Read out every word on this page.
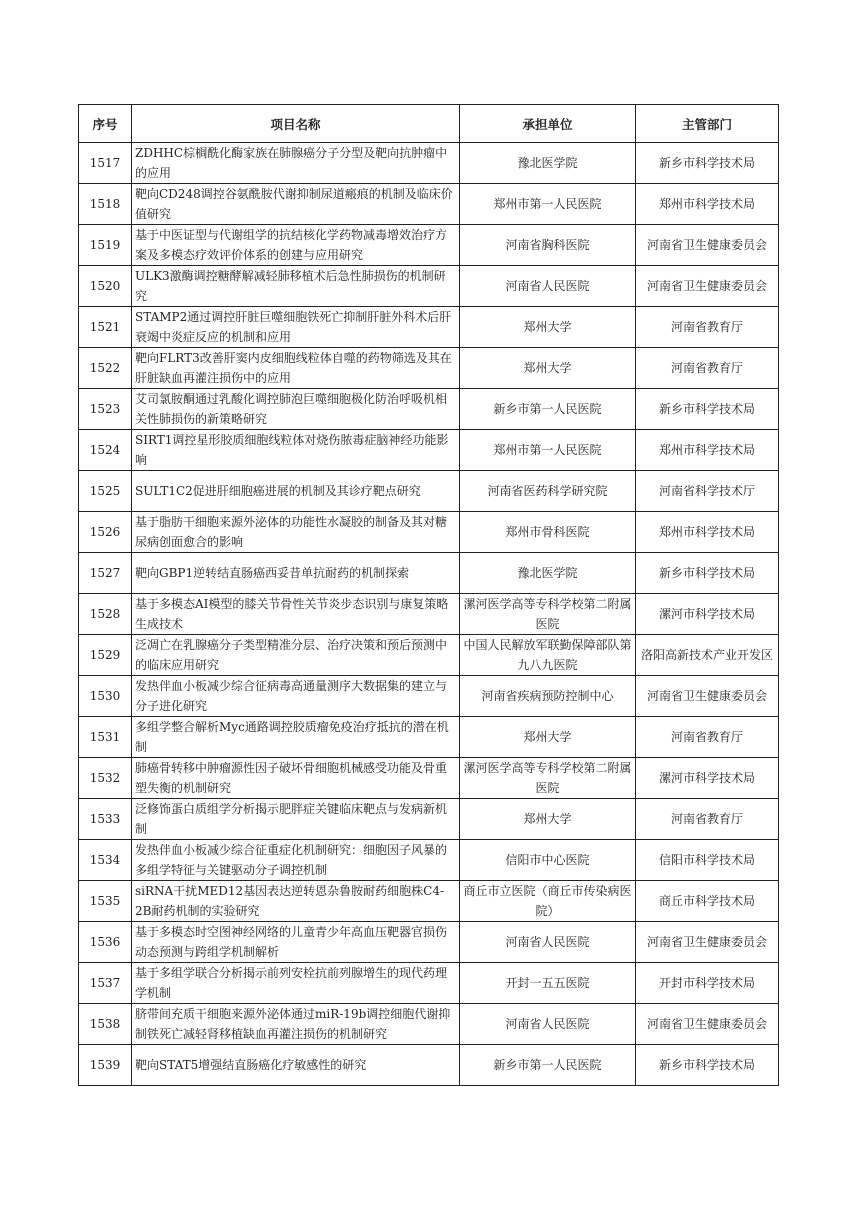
序号	项目名称	承担单位	主管部门
1517	ZDHHC棕榈酰化酶家族在肺腺癌分子分型及靶向抗肿瘤中的应用	豫北医学院	新乡市科学技术局
1518	靶向CD248调控谷氨酰胺代谢抑制尿道瘢痕的机制及临床价值研究	郑州市第一人民医院	郑州市科学技术局
1519	基于中医证型与代谢组学的抗结核化学药物减毒增效治疗方案及多模态疗效评价体系的创建与应用研究	河南省胸科医院	河南省卫生健康委员会
1520	ULK3激酶调控糖酵解减轻肺移植术后急性肺损伤的机制研究	河南省人民医院	河南省卫生健康委员会
1521	STAMP2通过调控肝脏巨噬细胞铁死亡抑制肝脏外科术后肝衰竭中炎症反应的机制和应用	郑州大学	河南省教育厅
1522	靶向FLRT3改善肝窦内皮细胞线粒体自噬的药物筛选及其在肝脏缺血再灌注损伤中的应用	郑州大学	河南省教育厅
1523	艾司氯胺酮通过乳酸化调控肺泡巨噬细胞极化防治呼吸机相关性肺损伤的新策略研究	新乡市第一人民医院	新乡市科学技术局
1524	SIRT1调控星形胶质细胞线粒体对烧伤脓毒症脑神经功能影响	郑州市第一人民医院	郑州市科学技术局
1525	SULT1C2促进肝细胞癌进展的机制及其诊疗靶点研究	河南省医药科学研究院	河南省科学技术厅
1526	基于脂肪干细胞来源外泌体的功能性水凝胶的制备及其对糖尿病创面愈合的影响	郑州市骨科医院	郑州市科学技术局
1527	靶向GBP1逆转结直肠癌西妥昔单抗耐药的机制探索	豫北医学院	新乡市科学技术局
1528	基于多模态AI模型的膝关节骨性关节炎步态识别与康复策略生成技术	漯河医学高等专科学校第二附属医院	漯河市科学技术局
1529	泛凋亡在乳腺癌分子类型精准分层、治疗决策和预后预测中的临床应用研究	中国人民解放军联勤保障部队第九八九医院	洛阳高新技术产业开发区
1530	发热伴血小板减少综合征病毒高通量测序大数据集的建立与分子进化研究	河南省疾病预防控制中心	河南省卫生健康委员会
1531	多组学整合解析Myc通路调控胶质瘤免疫治疗抵抗的潜在机制	郑州大学	河南省教育厅
1532	肺癌骨转移中肿瘤源性因子破坏骨细胞机械感受功能及骨重塑失衡的机制研究	漯河医学高等专科学校第二附属医院	漯河市科学技术局
1533	泛修饰蛋白质组学分析揭示肥胖症关键临床靶点与发病新机制	郑州大学	河南省教育厅
1534	发热伴血小板减少综合征重症化机制研究：细胞因子风暴的多组学特征与关键驱动分子调控机制	信阳市中心医院	信阳市科学技术局
1535	siRNA干扰MED12基因表达逆转恩杂鲁胺耐药细胞株C4-2B耐药机制的实验研究	商丘市立医院（商丘市传染病医院）	商丘市科学技术局
1536	基于多模态时空图神经网络的儿童青少年高血压靶器官损伤动态预测与跨组学机制解析	河南省人民医院	河南省卫生健康委员会
1537	基于多组学联合分析揭示前列安栓抗前列腺增生的现代药理学机制	开封一五五医院	开封市科学技术局
1538	脐带间充质干细胞来源外泌体通过miR-19b调控细胞代谢抑制铁死亡减轻肾移植缺血再灌注损伤的机制研究	河南省人民医院	河南省卫生健康委员会
1539	靶向STAT5增强结直肠癌化疗敏感性的研究	新乡市第一人民医院	新乡市科学技术局
